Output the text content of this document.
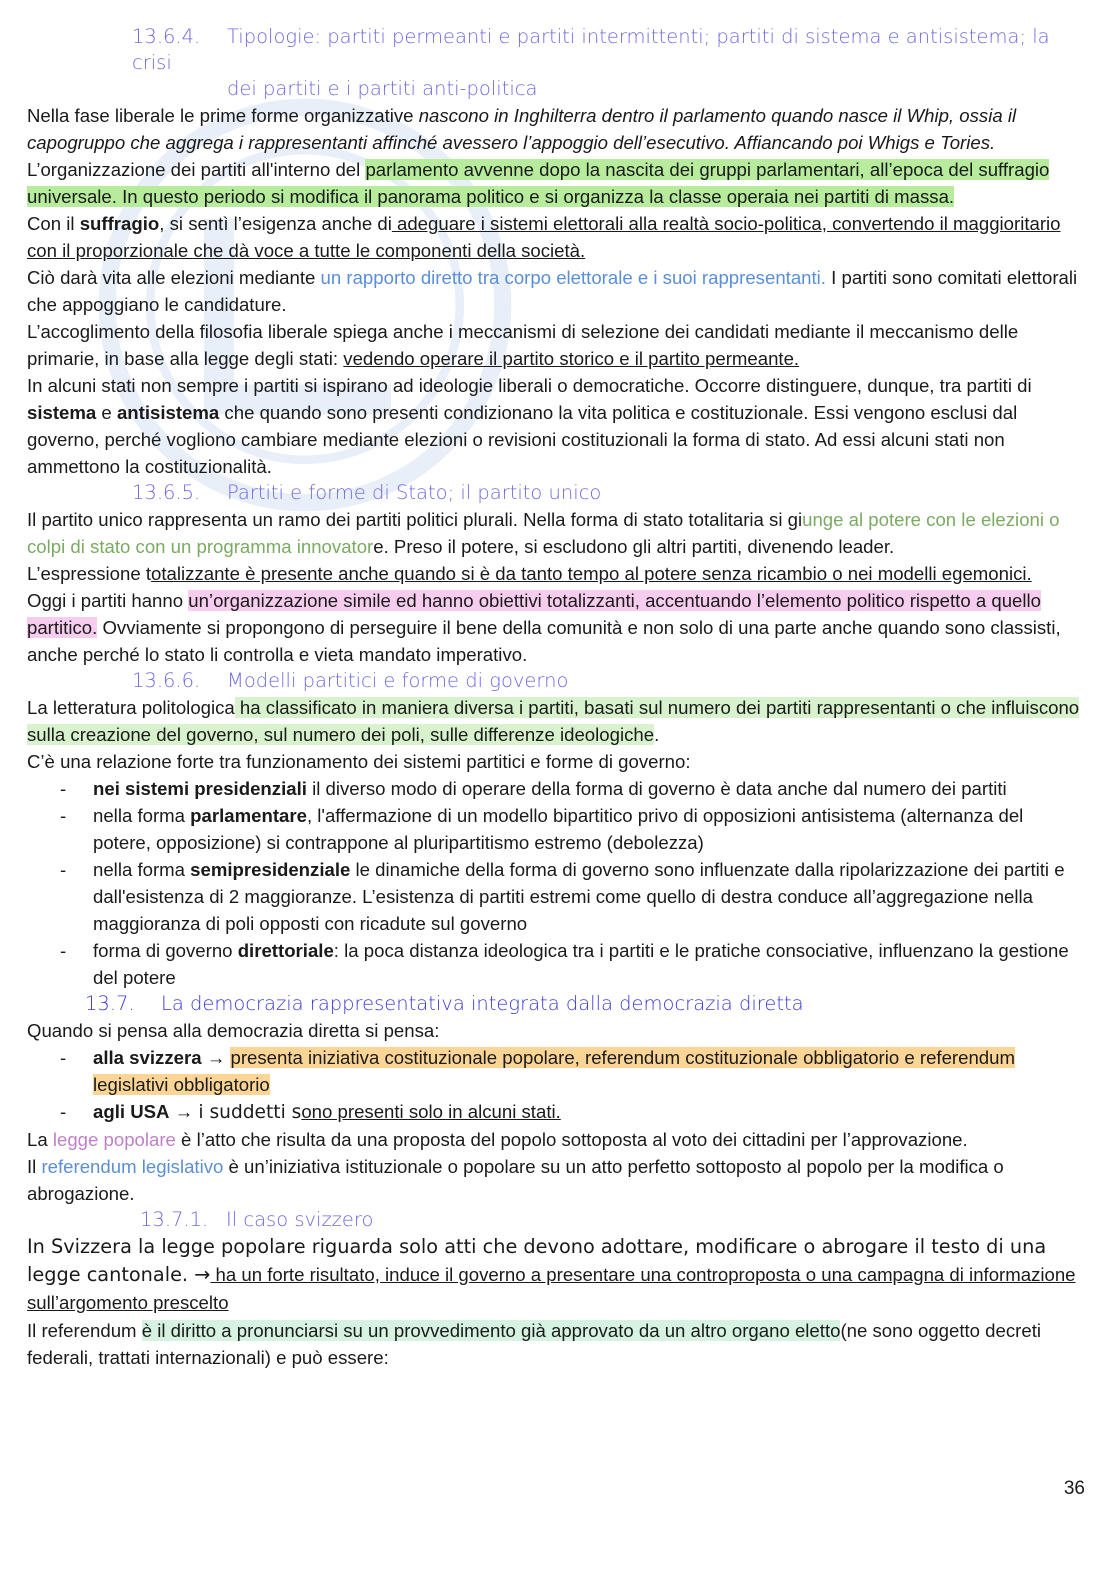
13.6.4. Tipologie: partiti permeanti e partiti intermittenti; partiti di sistema e antisistema; la crisi
dei partiti e i partiti anti-politica

Nella fase liberale le prime forme organizzative nascono in Inghilterra dentro il parlamento quando nasce il Whip, ossia il capogruppo che aggrega i rappresentanti affinché avessero l’appoggio dell’esecutivo. Affiancando poi Whigs e Tories.

L’organizzazione dei partiti all'interno del parlamento avvenne dopo la nascita dei gruppi parlamentari, all’epoca del suffragio universale. In questo periodo si modifica il panorama politico e si organizza la classe operaia nei partiti di massa.

Con il suffragio, si sentì l’esigenza anche di adeguare i sistemi elettorali alla realtà socio-politica, convertendo il maggioritario con il proporzionale che dà voce a tutte le componenti della società.

Ciò darà vita alle elezioni mediante un rapporto diretto tra corpo elettorale e i suoi rappresentanti. I partiti sono comitati elettorali che appoggiano le candidature.

L’accoglimento della filosofia liberale spiega anche i meccanismi di selezione dei candidati mediante il meccanismo delle primarie, in base alla legge degli stati: vedendo operare il partito storico e il partito permeante.

In alcuni stati non sempre i partiti si ispirano ad ideologie liberali o democratiche. Occorre distinguere, dunque, tra partiti di sistema e antisistema che quando sono presenti condizionano la vita politica e costituzionale. Essi vengono esclusi dal governo, perché vogliono cambiare mediante elezioni o revisioni costituzionali la forma di stato. Ad essi alcuni stati non ammettono la costituzionalità.

13.6.5. Partiti e forme di Stato; il partito unico

Il partito unico rappresenta un ramo dei partiti politici plurali. Nella forma di stato totalitaria si giunge al potere con le elezioni o colpi di stato con un programma innovatore. Preso il potere, si escludono gli altri partiti, divenendo leader.

L’espressione totalizzante è presente anche quando si è da tanto tempo al potere senza ricambio o nei modelli egemonici.

Oggi i partiti hanno un’organizzazione simile ed hanno obiettivi totalizzanti, accentuando l’elemento politico rispetto a quello partitico. Ovviamente si propongono di perseguire il bene della comunità e non solo di una parte anche quando sono classisti, anche perché lo stato li controlla e vieta mandato imperativo.

13.6.6. Modelli partitici e forme di governo

La letteratura politologica ha classificato in maniera diversa i partiti, basati sul numero dei partiti rappresentanti o che influiscono sulla creazione del governo, sul numero dei poli, sulle differenze ideologiche.

C’è una relazione forte tra funzionamento dei sistemi partitici e forme di governo:

- nei sistemi presidenziali il diverso modo di operare della forma di governo è data anche dal numero dei partiti
- nella forma parlamentare, l'affermazione di un modello bipartitico privo di opposizioni antisistema (alternanza del potere, opposizione) si contrappone al pluripartitismo estremo (debolezza)
- nella forma semipresidenziale le dinamiche della forma di governo sono influenzate dalla ripolarizzazione dei partiti e dall'esistenza di 2 maggioranze. L’esistenza di partiti estremi come quello di destra conduce all’aggregazione nella maggioranza di poli opposti con ricadute sul governo
- forma di governo direttoriale: la poca distanza ideologica tra i partiti e le pratiche consociative, influenzano la gestione del potere
13.7. La democrazia rappresentativa integrata dalla democrazia diretta

Quando si pensa alla democrazia diretta si pensa:

- alla svizzera → presenta iniziativa costituzionale popolare, referendum costituzionale obbligatorio e referendum legislativi obbligatorio
- agli USA → i suddetti sono presenti solo in alcuni stati.

La legge popolare è l’atto che risulta da una proposta del popolo sottoposta al voto dei cittadini per l’approvazione.

Il referendum legislativo è un’iniziativa istituzionale o popolare su un atto perfetto sottoposto al popolo per la modifica o abrogazione.

13.7.1. Il caso svizzero

In Svizzera la legge popolare riguarda solo atti che devono adottare, modificare o abrogare il testo di una legge cantonale. → ha un forte risultato, induce il governo a presentare una controproposta o una campagna di informazione sull’argomento prescelto

Il referendum è il diritto a pronunciarsi su un provvedimento già approvato da un altro organo eletto(ne sono oggetto decreti federali, trattati internazionali) e può essere:

36
